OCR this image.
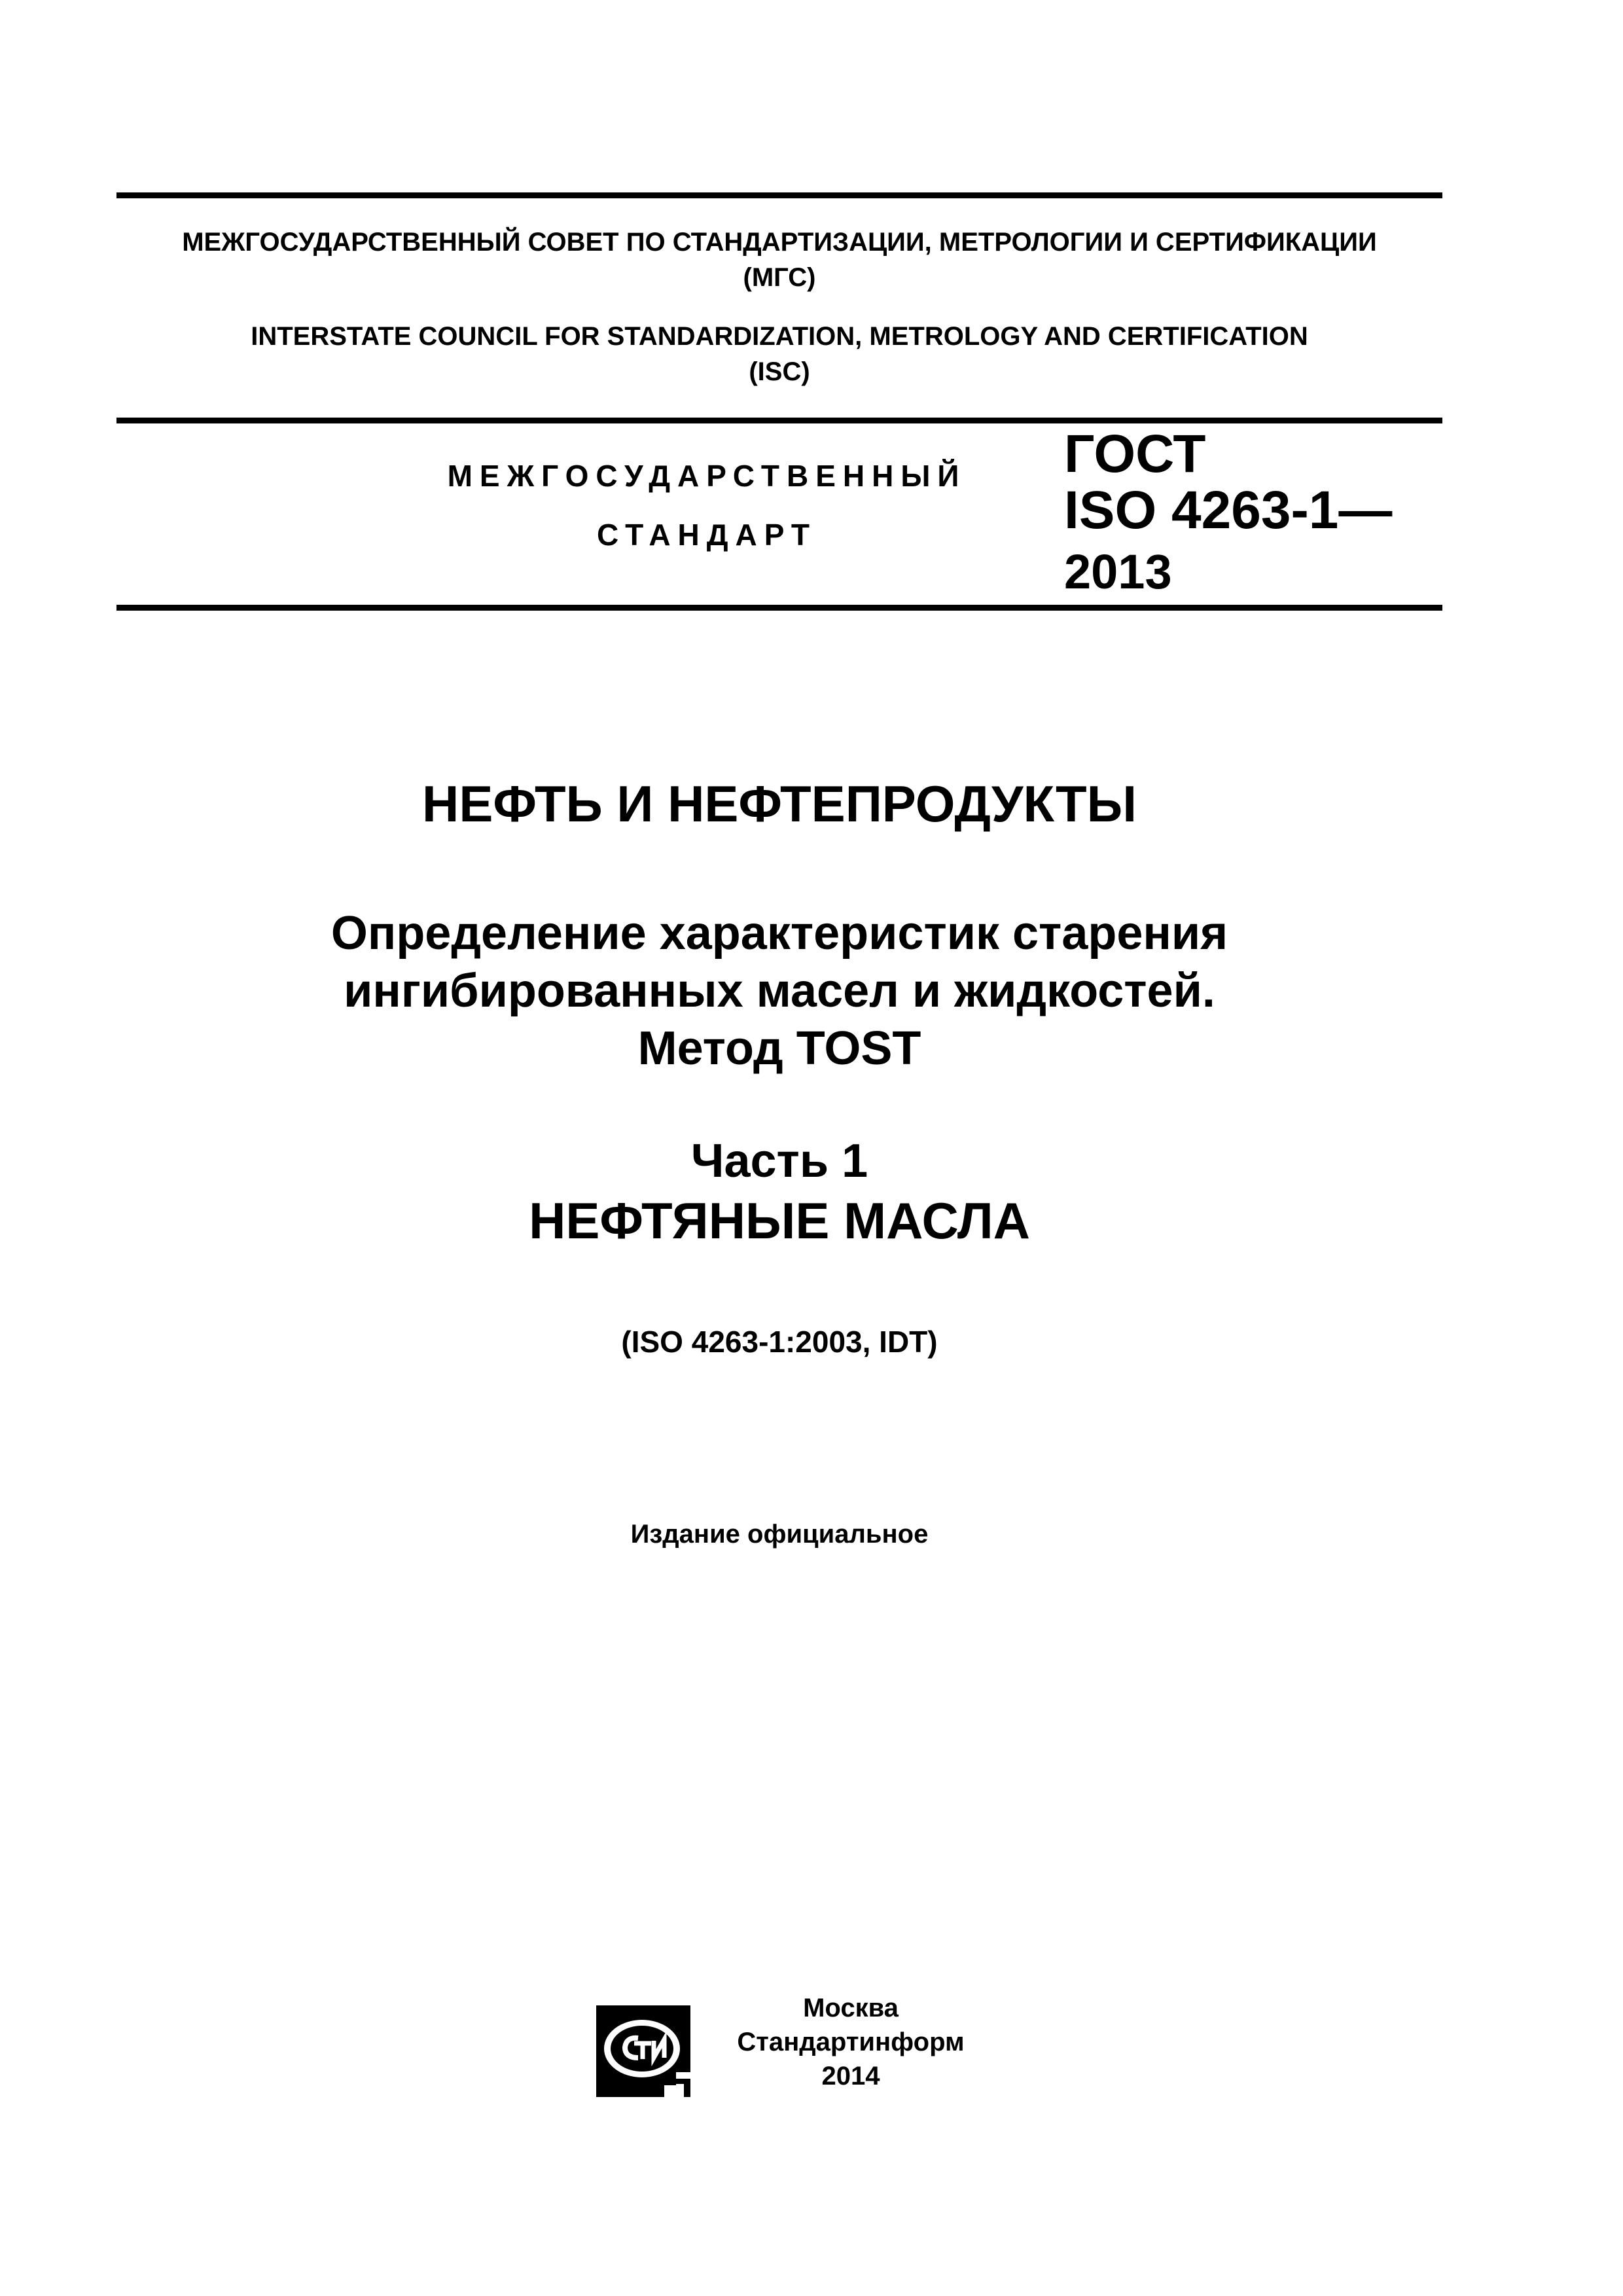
МЕЖГОСУДАРСТВЕННЫЙ СОВЕТ ПО СТАНДАРТИЗАЦИИ, МЕТРОЛОГИИ И СЕРТИФИКАЦИИ
(МГС)
INTERSTATE COUNCIL FOR STANDARDIZATION, METROLOGY AND CERTIFICATION
(ISC)
МЕЖГОСУДАРСТВЕННЫЙ
СТАНДАРТ
ГОСТ
ISO 4263-1—
2013
НЕФТЬ И НЕФТЕПРОДУКТЫ
Определение характеристик старения
ингибированных масел и жидкостей.
Метод TOST
Часть 1
НЕФТЯНЫЕ МАСЛА
(ISO 4263-1:2003, IDT)
Издание официальное
Москва
Стандартинформ
2014
